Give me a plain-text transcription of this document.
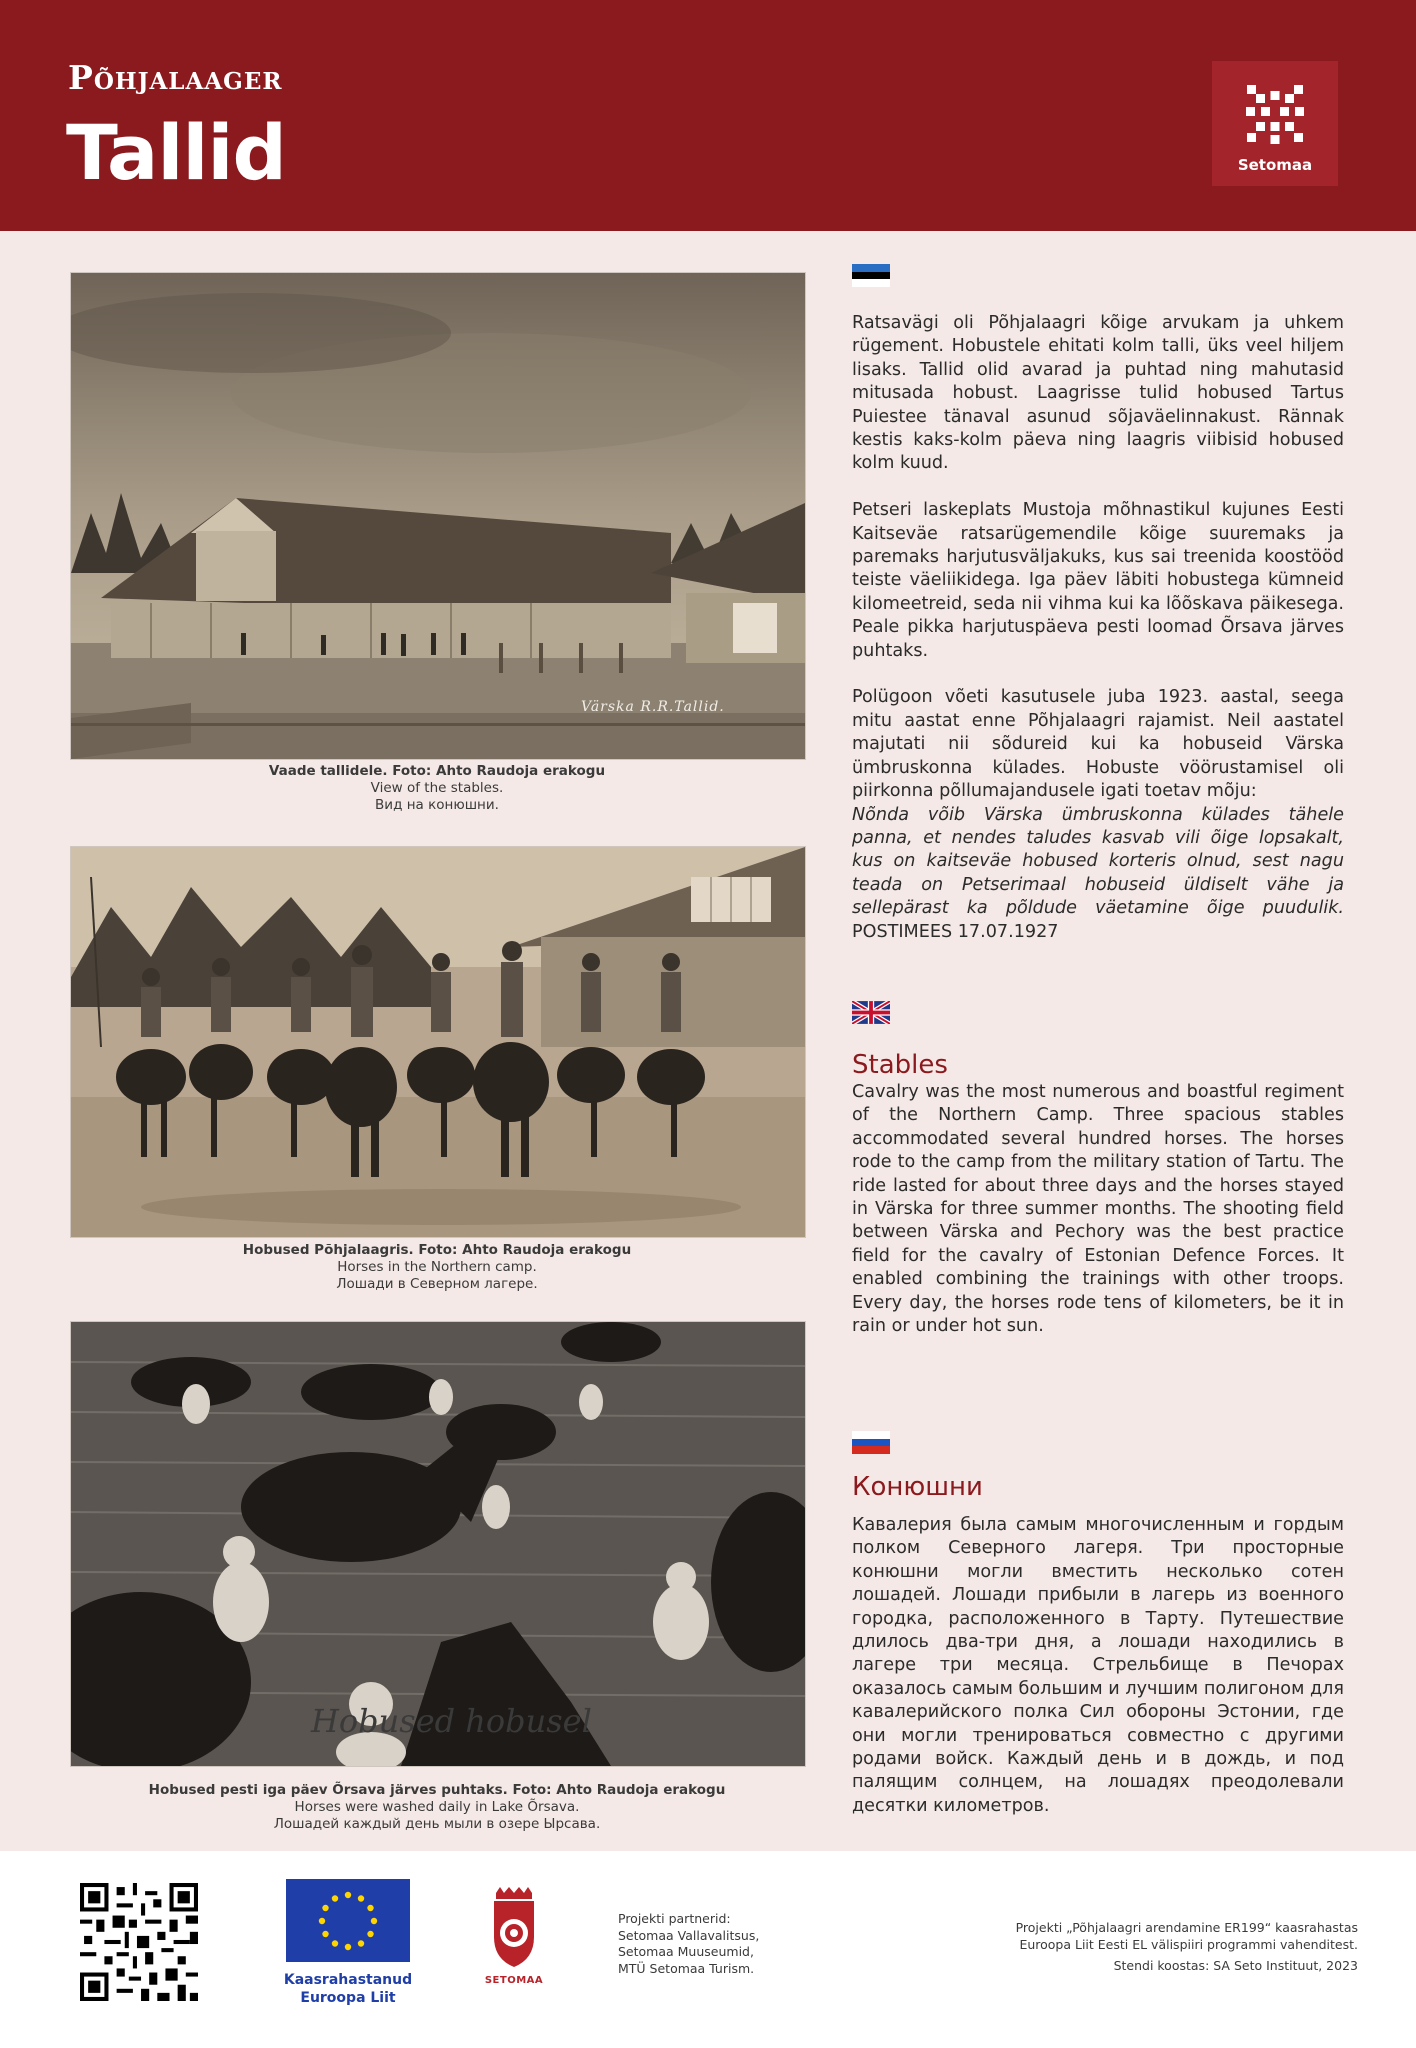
Põhjalaager
Tallid	Setomaa
Värska R.R.Tallid.
Vaade tallidele. Foto: Ahto Raudoja erakogu
View of the stables.
Вид на конюшни.
Hobused Põhjalaagris. Foto: Ahto Raudoja erakogu
Horses in the Northern camp.
Лошади в Северном лагере.
Hobused hobusel
Hobused pesti iga päev Õrsava järves puhtaks. Foto: Ahto Raudoja erakogu
Horses were washed daily in Lake Õrsava.
Лошадей каждый день мыли в озере Ырсава.

Ratsavägi oli Põhjalaagri kõige arvukam ja uhkem rügement. Hobustele ehitati kolm talli, üks veel hiljem lisaks. Tallid olid avarad ja puhtad ning mahutasid mitusada hobust. Laagrisse tulid hobused Tartus Puiestee tänaval asunud sõjaväelinnakust. Rännak kestis kaks-kolm päeva ning laagris viibisid hobused kolm kuud.

Petseri laskeplats Mustoja mõhnastikul kujunes Eesti Kaitseväe ratsarügemendile kõige suuremaks ja paremaks harjutusväljakuks, kus sai treenida koostööd teiste väeliikidega. Iga päev läbiti hobustega kümneid kilomeetreid, seda nii vihma kui ka lõõskava päikesega. Peale pikka harjutuspäeva pesti loomad Õrsava järves puhtaks.

Polügoon võeti kasutusele juba 1923. aastal, seega mitu aastat enne Põhjalaagri rajamist. Neil aastatel majutati nii sõdureid kui ka hobuseid Värska ümbruskonna külades. Hobuste vöörustamisel oli piirkonna põllumajandusele igati toetav mõju:

Nõnda võib Värska ümbruskonna külades tähele panna, et nendes taludes kasvab vili õige lopsakalt, kus on kaitseväe hobused korteris olnud, sest nagu teada on Petserimaal hobuseid üldiselt vähe ja sellepärast ka põldude väetamine õige puudulik. POSTIMEES 17.07.1927

Stables
Cavalry was the most numerous and boastful regiment of the Northern Camp. Three spacious stables accommodated several hundred horses. The horses rode to the camp from the military station of Tartu. The ride lasted for about three days and the horses stayed in Värska for three summer months. The shooting field between Värska and Pechory was the best practice field for the cavalry of Estonian Defence Forces. It enabled combining the trainings with other troops. Every day, the horses rode tens of kilometers, be it in rain or under hot sun.
Конюшни
Кавалерия была самым многочисленным и гордым полком Северного лагеря. Три просторные конюшни могли вместить несколько сотен лошадей. Лошади прибыли в лагерь из военного городка, расположенного в Тарту. Путешествие длилось два-три дня, а лошади находились в лагере три месяца. Стрельбище в Печорах оказалось самым большим и лучшим полигоном для кавалерийского полка Сил обороны Эстонии, где они могли тренироваться совместно с другими родами войск. Каждый день и в дождь, и под палящим солнцем, на лошадях преодолевали десятки километров.
Kaasrahastanud
Euroopa Liit
SETOMAA
Projekti partnerid:
Setomaa Vallavalitsus,
Setomaa Muuseumid,
MTÜ Setomaa Turism.
Projekti „Põhjalaagri arendamine ER199“ kaasrahastas
Euroopa Liit Eesti EL välispiiri programmi vahenditest.
Stendi koostas: SA Seto Instituut, 2023
